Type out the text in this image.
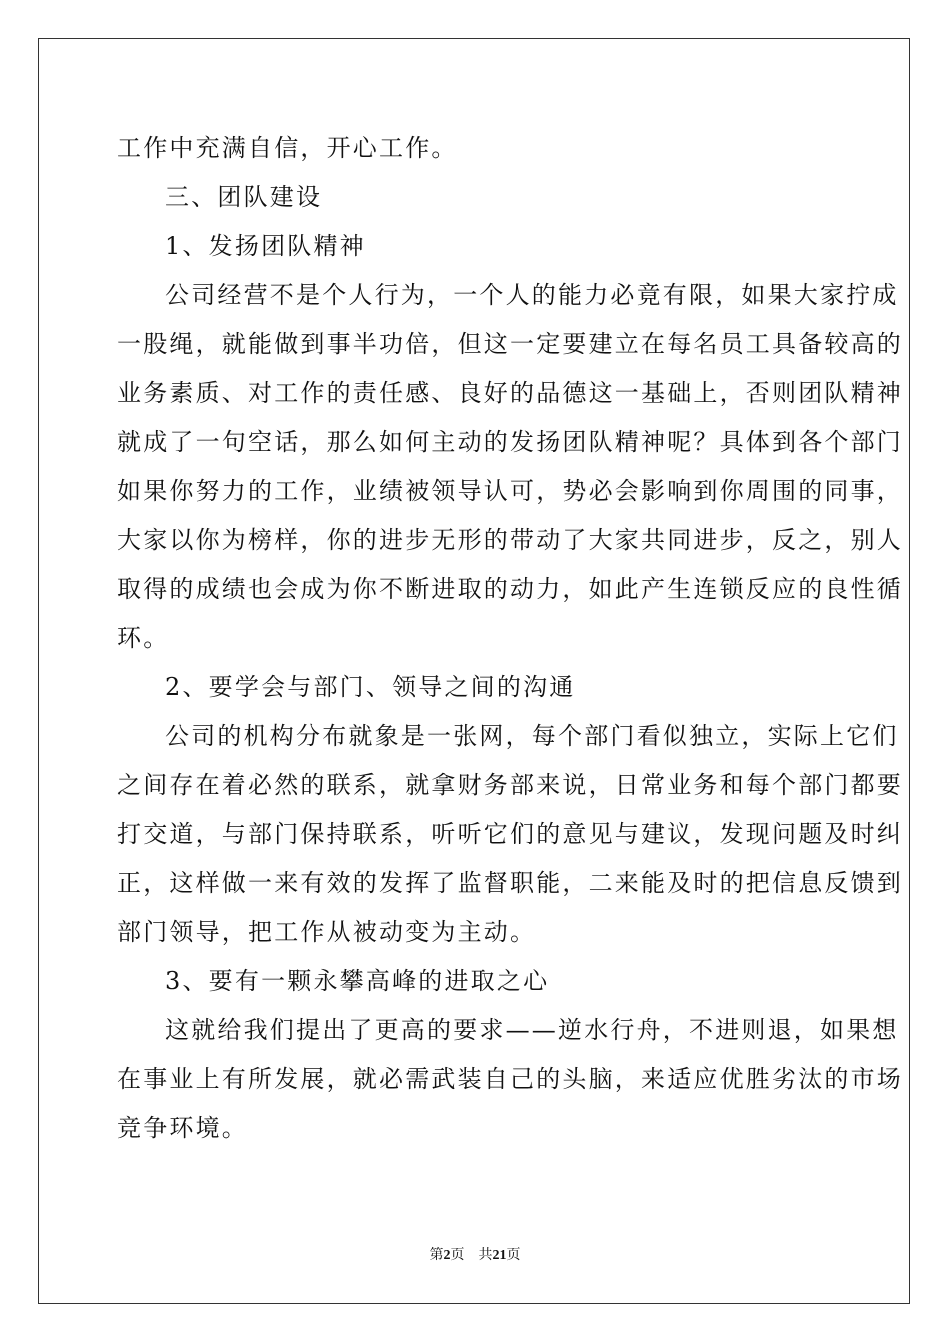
工作中充满自信，开心工作。
三、团队建设
1、发扬团队精神
公司经营不是个人行为，一个人的能力必竟有限，如果大家拧成
一股绳，就能做到事半功倍，但这一定要建立在每名员工具备较高的
业务素质、对工作的责任感、良好的品德这一基础上，否则团队精神
就成了一句空话，那么如何主动的发扬团队精神呢？具体到各个部门
如果你努力的工作，业绩被领导认可，势必会影响到你周围的同事，
大家以你为榜样，你的进步无形的带动了大家共同进步，反之，别人
取得的成绩也会成为你不断进取的动力，如此产生连锁反应的良性循
环。
2、要学会与部门、领导之间的沟通
公司的机构分布就象是一张网，每个部门看似独立，实际上它们
之间存在着必然的联系，就拿财务部来说，日常业务和每个部门都要
打交道，与部门保持联系，听听它们的意见与建议，发现问题及时纠
正，这样做一来有效的发挥了监督职能，二来能及时的把信息反馈到
部门领导，把工作从被动变为主动。
3、要有一颗永攀高峰的进取之心
这就给我们提出了更高的要求——逆水行舟，不进则退，如果想
在事业上有所发展，就必需武装自己的头脑，来适应优胜劣汰的市场
竞争环境。
第2页 共21页
